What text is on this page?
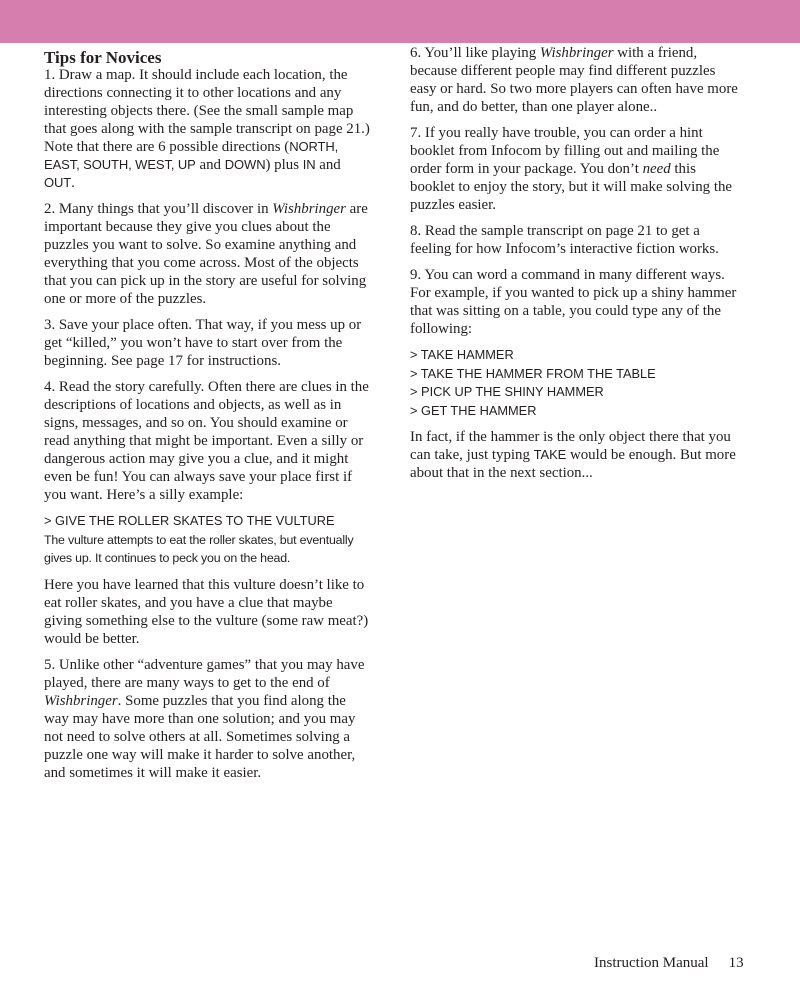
Tips for Novices

1. Draw a map. It should include each location, the directions connecting it to other locations and any interesting objects there. (See the small sample map that goes along with the sample transcript on page 21.) Note that there are 6 possible directions (NORTH, EAST, SOUTH, WEST, UP and DOWN) plus IN and OUT.

2. Many things that you’ll discover in Wishbringer are important because they give you clues about the puzzles you want to solve. So examine anything and everything that you come across. Most of the objects that you can pick up in the story are useful for solving one or more of the puzzles.

3. Save your place often. That way, if you mess up or get “killed,” you won’t have to start over from the beginning. See page 17 for instructions.

4. Read the story carefully. Often there are clues in the descriptions of locations and objects, as well as in signs, messages, and so on. You should examine or read anything that might be important. Even a silly or dangerous action may give you a clue, and it might even be fun! You can always save your place first if you want. Here’s a silly example:

> GIVE THE ROLLER SKATES TO THE VULTURE
The vulture attempts to eat the roller skates, but eventually
gives up. It continues to peck you on the head.

Here you have learned that this vulture doesn’t like to eat roller skates, and you have a clue that maybe giving something else to the vulture (some raw meat?) would be better.

5. Unlike other “adventure games” that you may have played, there are many ways to get to the end of Wishbringer. Some puzzles that you find along the way may have more than one solution; and you may not need to solve others at all. Sometimes solving a puzzle one way will make it harder to solve another, and sometimes it will make it easier.

6. You’ll like playing Wishbringer with a friend, because different people may find different puzzles easy or hard. So two more players can often have more fun, and do better, than one player alone..

7. If you really have trouble, you can order a hint booklet from Infocom by filling out and mailing the order form in your package. You don’t need this booklet to enjoy the story, but it will make solving the puzzles easier.

8. Read the sample transcript on page 21 to get a feeling for how Infocom’s interactive fiction works.

9. You can word a command in many different ways. For example, if you wanted to pick up a shiny hammer that was sitting on a table, you could type any of the following:

> TAKE HAMMER
> TAKE THE HAMMER FROM THE TABLE
> PICK UP THE SHINY HAMMER
> GET THE HAMMER

In fact, if the hammer is the only object there that you can take, just typing TAKE would be enough. But more about that in the next section...

Instruction Manual 13
